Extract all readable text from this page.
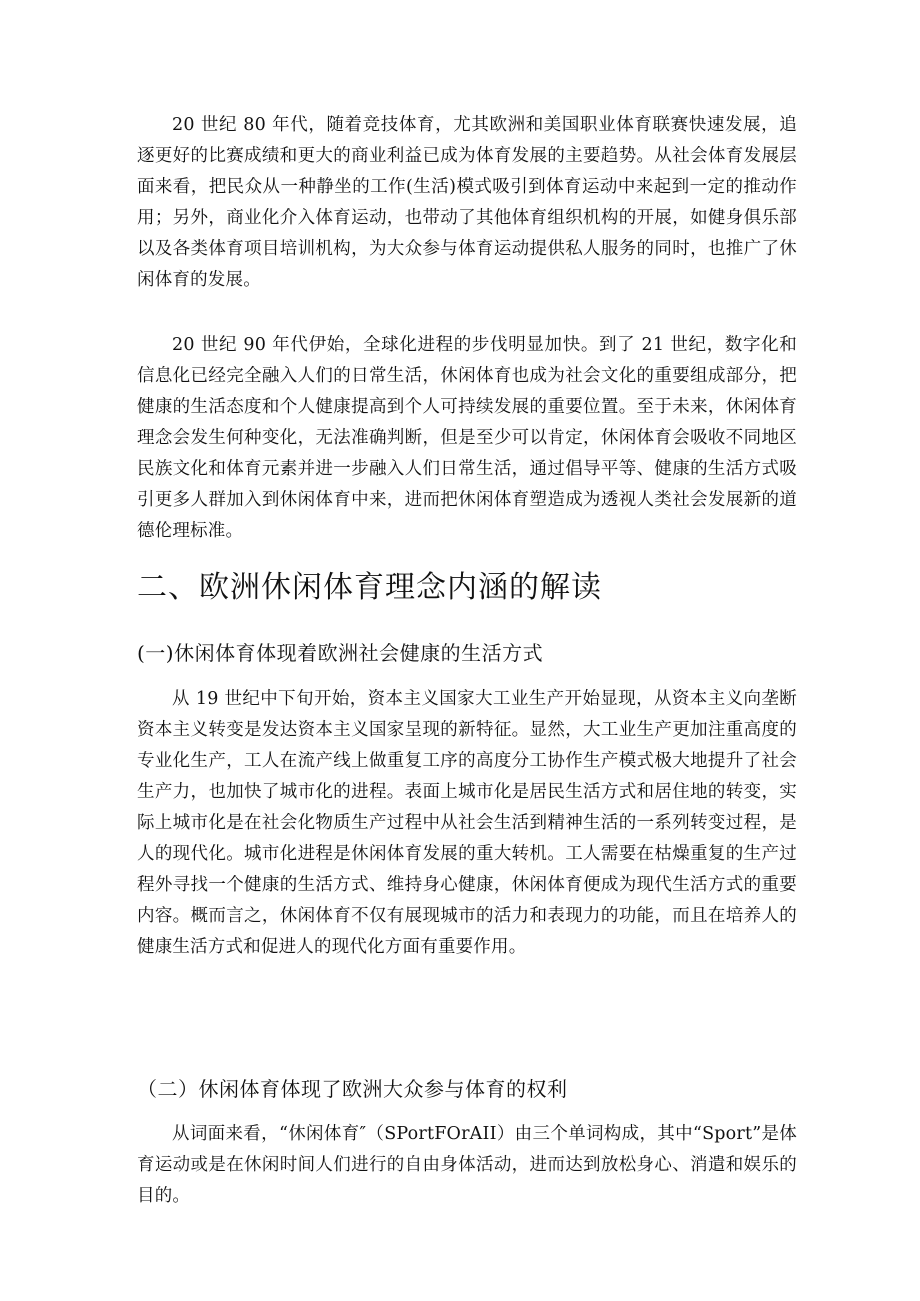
20 世纪 80 年代，随着竞技体育，尤其欧洲和美国职业体育联赛快速发展，追逐更好的比赛成绩和更大的商业利益已成为体育发展的主要趋势。从社会体育发展层面来看，把民众从一种静坐的工作(生活)模式吸引到体育运动中来起到一定的推动作用；另外，商业化介入体育运动，也带动了其他体育组织机构的开展，如健身俱乐部以及各类体育项目培训机构，为大众参与体育运动提供私人服务的同时，也推广了休闲体育的发展。

20 世纪 90 年代伊始，全球化进程的步伐明显加快。到了 21 世纪，数字化和信息化已经完全融入人们的日常生活，休闲体育也成为社会文化的重要组成部分，把健康的生活态度和个人健康提高到个人可持续发展的重要位置。至于未来，休闲体育理念会发生何种变化，无法准确判断，但是至少可以肯定，休闲体育会吸收不同地区民族文化和体育元素并进一步融入人们日常生活，通过倡导平等、健康的生活方式吸引更多人群加入到休闲体育中来，进而把休闲体育塑造成为透视人类社会发展新的道德伦理标准。

二、欧洲休闲体育理念内涵的解读
(一)休闲体育体现着欧洲社会健康的生活方式

从 19 世纪中下旬开始，资本主义国家大工业生产开始显现，从资本主义向垄断资本主义转变是发达资本主义国家呈现的新特征。显然，大工业生产更加注重高度的专业化生产，工人在流产线上做重复工序的高度分工协作生产模式极大地提升了社会生产力，也加快了城市化的进程。表面上城市化是居民生活方式和居住地的转变，实际上城市化是在社会化物质生产过程中从社会生活到精神生活的一系列转变过程，是人的现代化。城市化进程是休闲体育发展的重大转机。工人需要在枯燥重复的生产过程外寻找一个健康的生活方式、维持身心健康，休闲体育便成为现代生活方式的重要内容。概而言之，休闲体育不仅有展现城市的活力和表现力的功能，而且在培养人的健康生活方式和促进人的现代化方面有重要作用。

（二）休闲体育体现了欧洲大众参与体育的权利

从词面来看，“休闲体育″（SPortFOrAII）由三个单词构成，其中“Sport”是体育运动或是在休闲时间人们进行的自由身体活动，进而达到放松身心、消遣和娱乐的目的。
